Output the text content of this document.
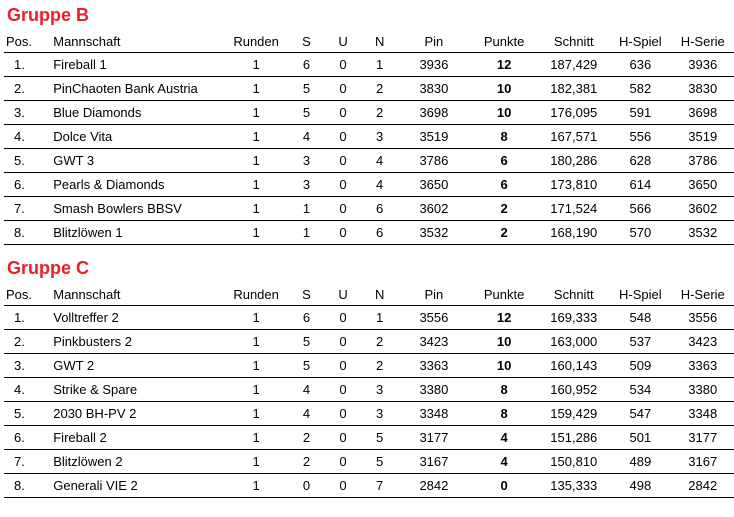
Gruppe B
Pos.	Mannschaft	Runden	S	U	N	Pin	Punkte	Schnitt	H-Spiel	H-Serie
1.	Fireball 1	1	6	0	1	3936	12	187,429	636	3936
2.	PinChaoten Bank Austria	1	5	0	2	3830	10	182,381	582	3830
3.	Blue Diamonds	1	5	0	2	3698	10	176,095	591	3698
4.	Dolce Vita	1	4	0	3	3519	8	167,571	556	3519
5.	GWT 3	1	3	0	4	3786	6	180,286	628	3786
6.	Pearls & Diamonds	1	3	0	4	3650	6	173,810	614	3650
7.	Smash Bowlers BBSV	1	1	0	6	3602	2	171,524	566	3602
8.	Blitzlöwen 1	1	1	0	6	3532	2	168,190	570	3532
Gruppe C
Pos.	Mannschaft	Runden	S	U	N	Pin	Punkte	Schnitt	H-Spiel	H-Serie
1.	Volltreffer 2	1	6	0	1	3556	12	169,333	548	3556
2.	Pinkbusters 2	1	5	0	2	3423	10	163,000	537	3423
3.	GWT 2	1	5	0	2	3363	10	160,143	509	3363
4.	Strike & Spare	1	4	0	3	3380	8	160,952	534	3380
5.	2030 BH-PV 2	1	4	0	3	3348	8	159,429	547	3348
6.	Fireball 2	1	2	0	5	3177	4	151,286	501	3177
7.	Blitzlöwen 2	1	2	0	5	3167	4	150,810	489	3167
8.	Generali VIE 2	1	0	0	7	2842	0	135,333	498	2842
